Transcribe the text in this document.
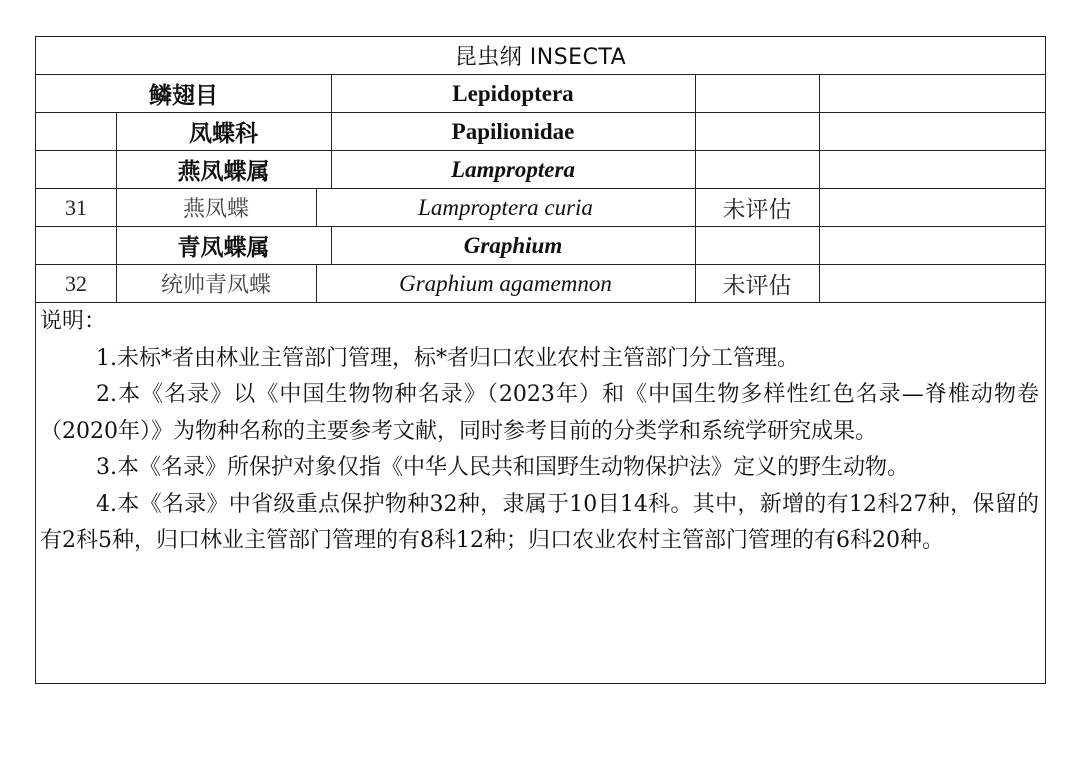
昆虫纲 INSECTA
鳞翅目	Lepidoptera
凤蝶科	Papilionidae
燕凤蝶属	Lamproptera
31	燕凤蝶	Lamproptera curia	未评估
青凤蝶属	Graphium
32	统帅青凤蝶	Graphium agamemnon	未评估

说明：

1.未标*者由林业主管部门管理，标*者归口农业农村主管部门分工管理。

2.本《名录》以《中国生物物种名录》（2023年）和《中国生物多样性红色名录—脊椎动物卷（2020年）》为物种名称的主要参考文献，同时参考目前的分类学和系统学研究成果。

3.本《名录》所保护对象仅指《中华人民共和国野生动物保护法》定义的野生动物。

4.本《名录》中省级重点保护物种32种，隶属于10目14科。其中，新增的有12科27种，保留的有2科5种，归口林业主管部门管理的有8科12种；归口农业农村主管部门管理的有6科20种。
